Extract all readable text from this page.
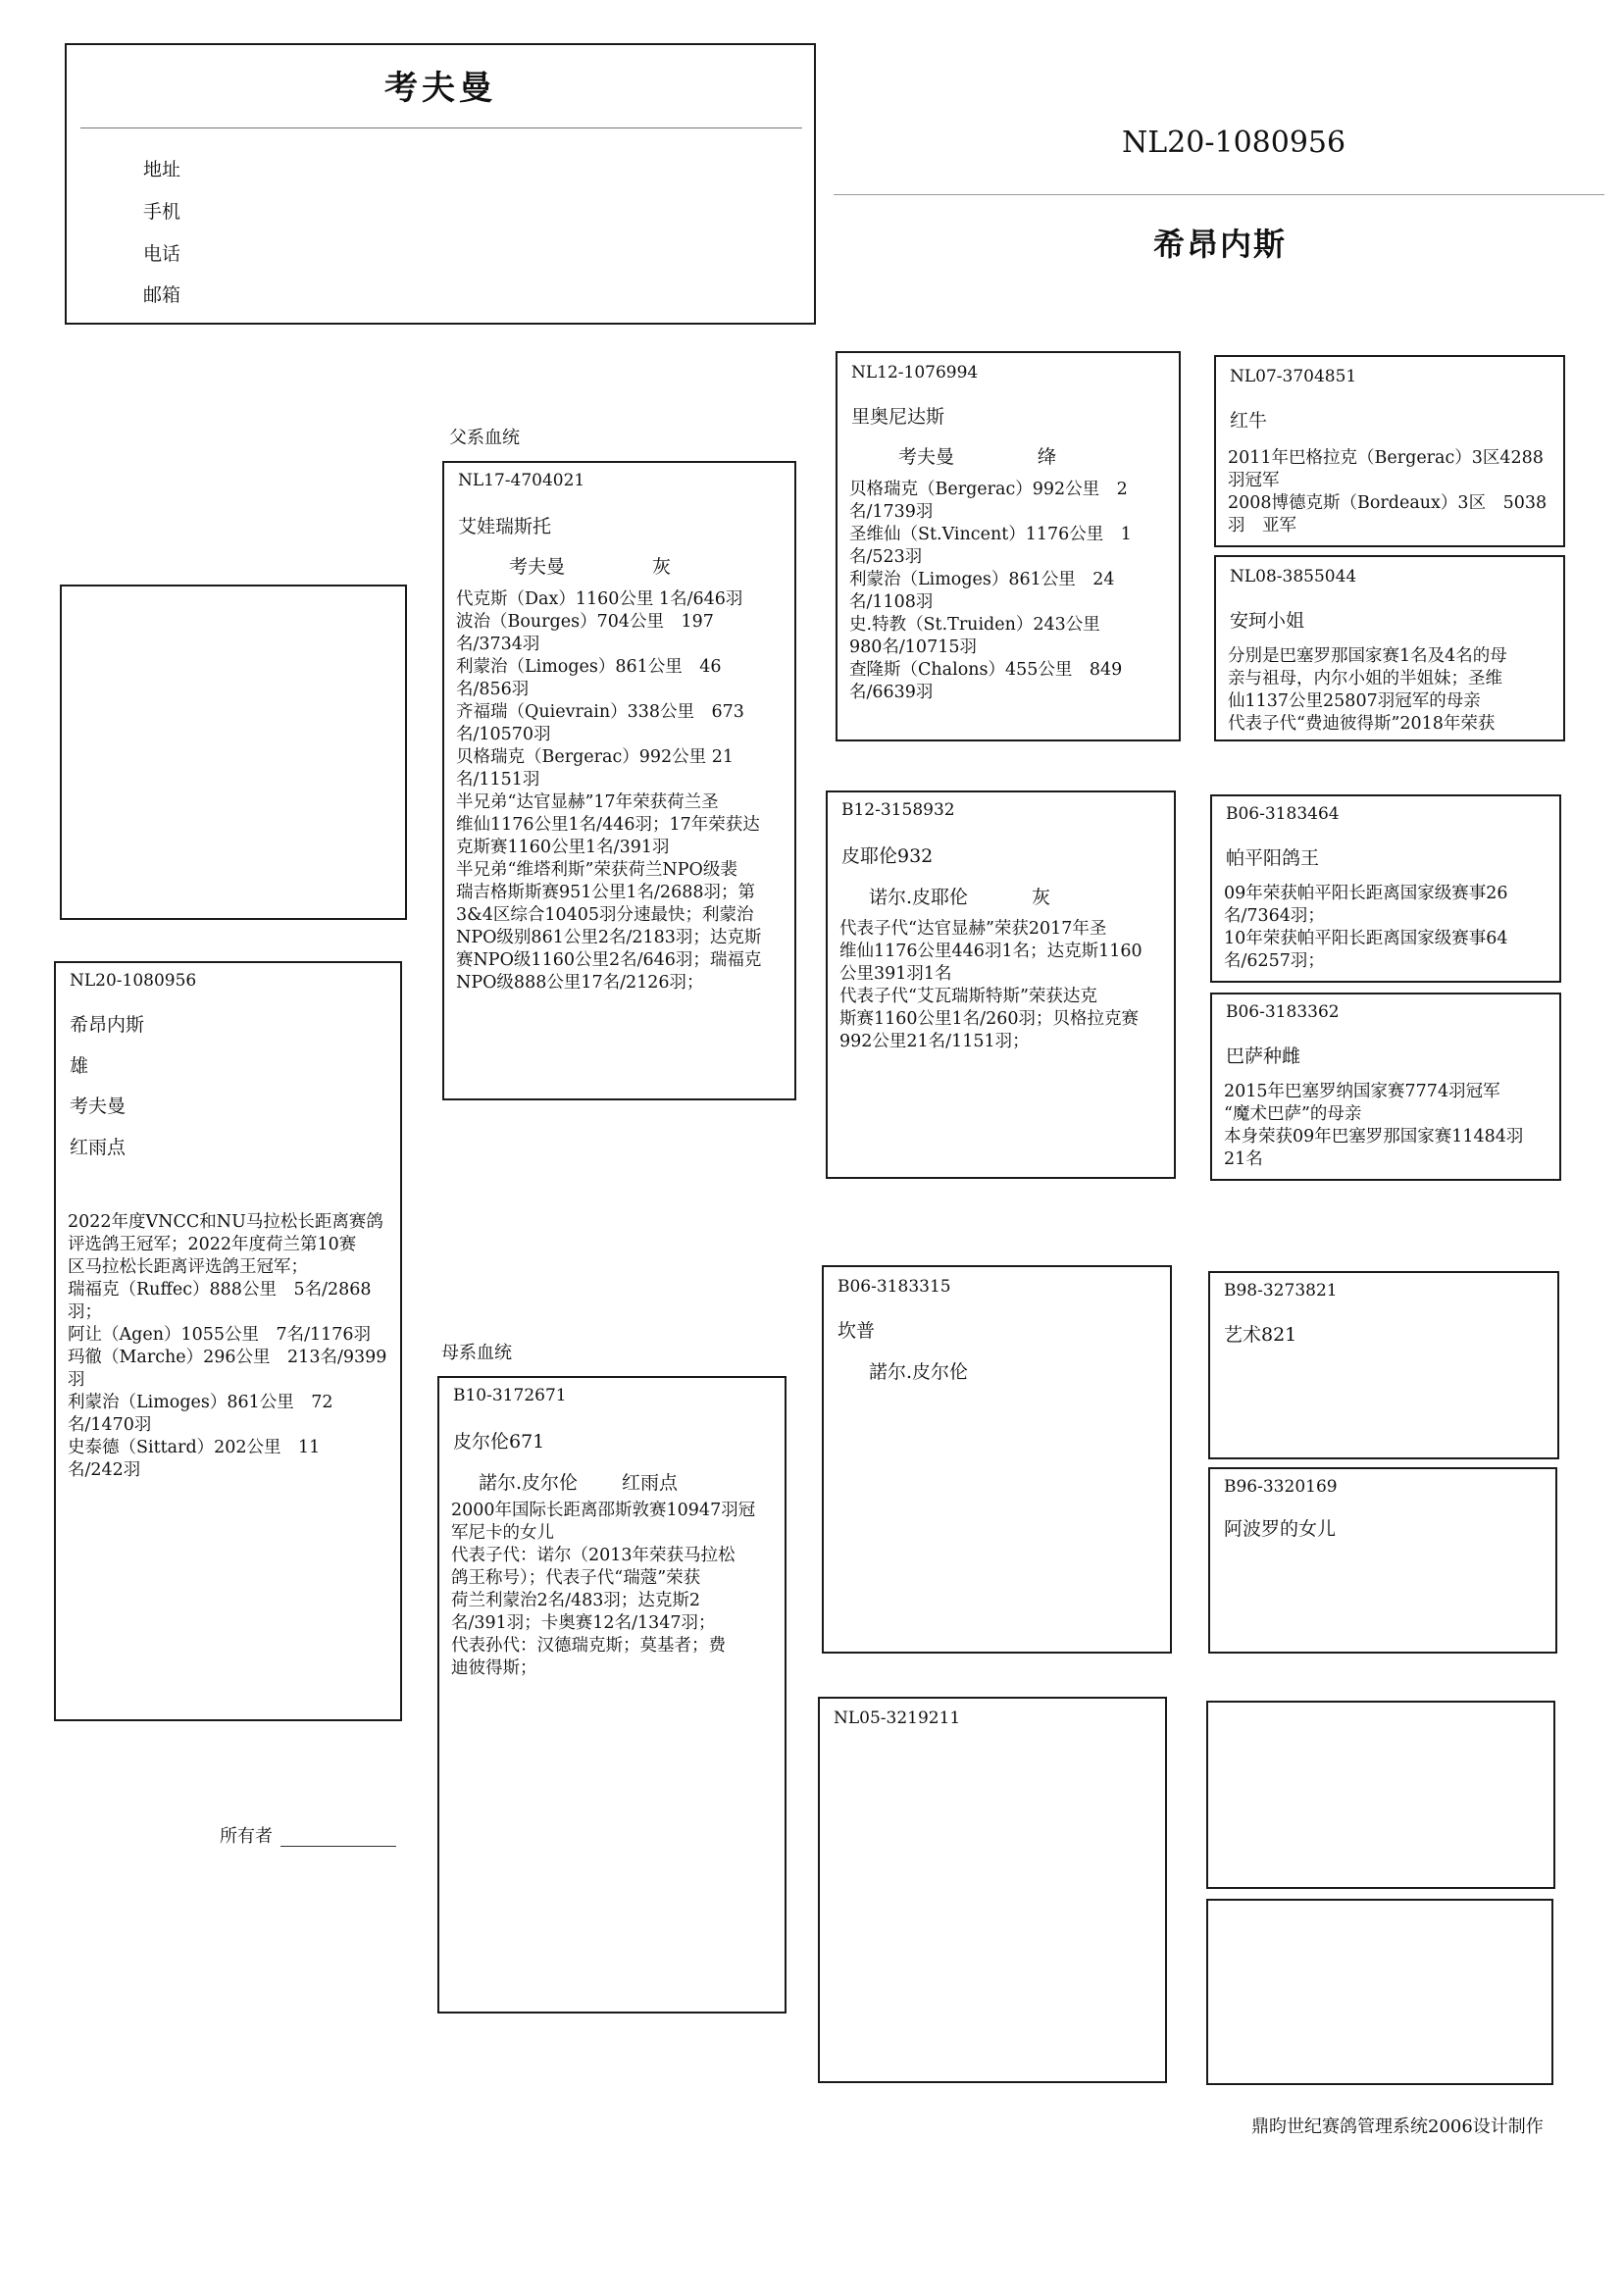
考夫曼
地址
手机
电话
邮箱
NL20-1080956
希昂内斯
NL20-1080956
希昂内斯
雄
考夫曼
红雨点
2022年度VNCC和NU马拉松长距离赛鸽
评选鸽王冠军；2022年度荷兰第10赛
区马拉松长距离评选鸽王冠军；
瑞福克（Ruffec）888公里　5名/2868
羽；
阿让（Agen）1055公里　7名/1176羽
玛徹（Marche）296公里　213名/9399
羽
利蒙治（Limoges）861公里　72
名/1470羽
史泰德（Sittard）202公里　11
名/242羽
父系血统
NL17-4704021
艾娃瑞斯托
考夫曼	灰
代克斯（Dax）1160公里 1名/646羽
波治（Bourges）704公里　197
名/3734羽
利蒙治（Limoges）861公里　46
名/856羽
齐福瑞（Quievrain）338公里　673
名/10570羽
贝格瑞克（Bergerac）992公里 21
名/1151羽
半兄弟“达官显赫”17年荣获荷兰圣
维仙1176公里1名/446羽；17年荣获达
克斯赛1160公里1名/391羽
半兄弟“维塔利斯”荣获荷兰NPO级裴
瑞吉格斯斯赛951公里1名/2688羽；第
3&4区综合10405羽分速最快；利蒙治
NPO级别861公里2名/2183羽；达克斯
赛NPO级1160公里2名/646羽；瑞福克
NPO级888公里17名/2126羽；
母系血统
B10-3172671
皮尔伦671
諾尔.皮尔伦 红雨点
2000年国际长距离邵斯敦赛10947羽冠
军尼卡的女儿
代表子代：诺尔（2013年荣获马拉松
鸽王称号）；代表子代“瑞蔻”荣获
荷兰利蒙治2名/483羽；达克斯2
名/391羽；卡奥赛12名/1347羽；
代表孙代：汉德瑞克斯；莫基者；费
迪彼得斯；
NL12-1076994
里奥尼达斯
考夫曼	绛
贝格瑞克（Bergerac）992公里　2
名/1739羽
圣维仙（St.Vincent）1176公里　1
名/523羽
利蒙治（Limoges）861公里　24
名/1108羽
史.特教（St.Truiden）243公里
980名/10715羽
查隆斯（Chalons）455公里　849
名/6639羽
B12-3158932
皮耶伦932
诺尔.皮耶伦	灰
代表子代“达官显赫”荣获2017年圣
维仙1176公里446羽1名；达克斯1160
公里391羽1名
代表子代“艾瓦瑞斯特斯”荣获达克
斯赛1160公里1名/260羽；贝格拉克赛
992公里21名/1151羽；
B06-3183315
坎普
諾尔.皮尔伦
NL05-3219211
NL07-3704851
红牛
2011年巴格拉克（Bergerac）3区4288
羽冠军
2008博德克斯（Bordeaux）3区　5038
羽　亚军
NL08-3855044
安珂小姐
分別是巴塞罗那国家赛1名及4名的母
亲与祖母，内尔小姐的半姐妹；圣维
仙1137公里25807羽冠军的母亲
代表子代“费迪彼得斯”2018年荣获
B06-3183464
帕平阳鸽王
09年荣获帕平阳长距离国家级赛事26
名/7364羽；
10年荣获帕平阳长距离国家级赛事64
名/6257羽；
B06-3183362
巴萨种雌
2015年巴塞罗纳国家赛7774羽冠军
“魔术巴萨”的母亲
本身荣获09年巴塞罗那国家赛11484羽
21名
B98-3273821
艺术821
B96-3320169
阿波罗的女儿
所有者
鼎昀世纪赛鸽管理系统2006设计制作
